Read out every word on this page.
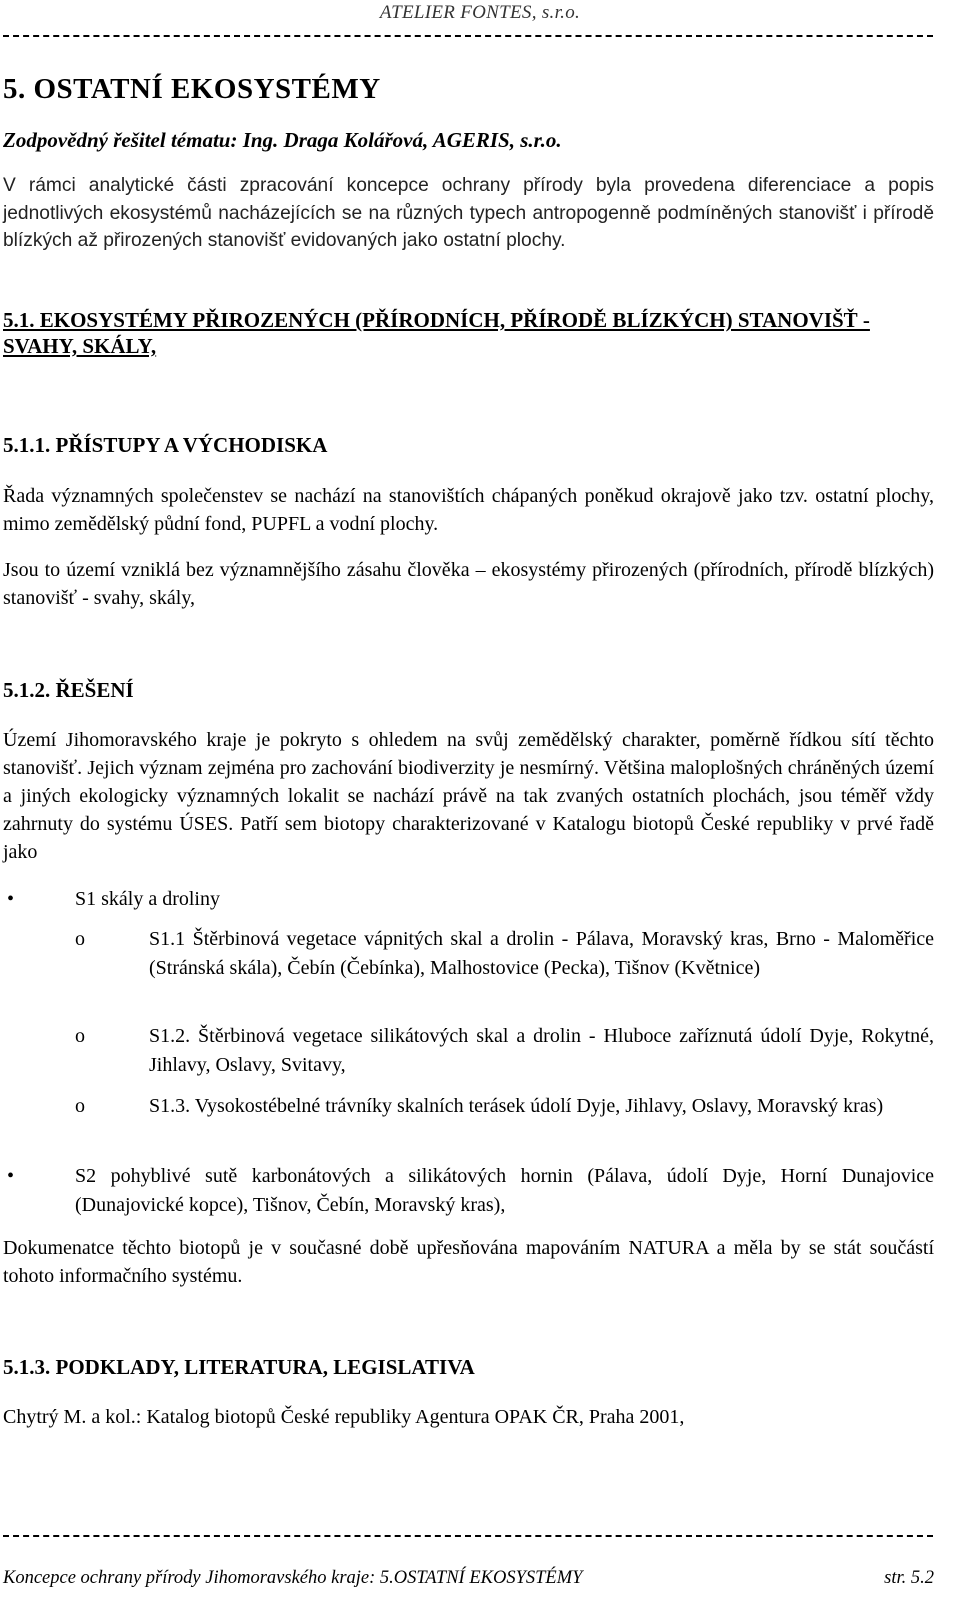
ATELIER FONTES, s.r.o.
5. OSTATNÍ EKOSYSTÉMY
Zodpovědný řešitel tématu: Ing. Draga Kolářová, AGERIS, s.r.o.
V rámci analytické části zpracování koncepce ochrany přírody byla provedena diferenciace a popis jednotlivých ekosystémů nacházejících se na různých typech antropogenně podmíněných stanovišť i přírodě blízkých až přirozených stanovišť evidovaných jako ostatní plochy.
5.1. EKOSYSTÉMY PŘIROZENÝCH (PŘÍRODNÍCH, PŘÍRODĚ BLÍZKÝCH) STANOVIŠŤ - SVAHY, SKÁLY,
5.1.1. PŘÍSTUPY A VÝCHODISKA
Řada významných společenstev se nachází na stanovištích chápaných poněkud okrajově jako tzv. ostatní plochy, mimo zemědělský půdní fond, PUPFL a vodní plochy.
Jsou to území vzniklá bez významnějšího zásahu člověka – ekosystémy přirozených (přírodních, přírodě blízkých) stanovišť - svahy, skály,
5.1.2. ŘEŠENÍ
Území Jihomoravského kraje je pokryto s ohledem na svůj zemědělský charakter, poměrně řídkou sítí těchto stanovišť. Jejich význam zejména pro zachování biodiverzity je nesmírný. Většina maloplošných chráněných území a jiných ekologicky významných lokalit se nachází právě na tak zvaných ostatních plochách, jsou téměř vždy zahrnuty do systému ÚSES. Patří sem biotopy charakterizované v Katalogu biotopů České republiky v prvé řadě jako
•	S1 skály a droliny
o	S1.1 Štěrbinová vegetace vápnitých skal a drolin - Pálava, Moravský kras, Brno - Maloměřice (Stránská skála), Čebín (Čebínka), Malhostovice (Pecka), Tišnov (Květnice)
o	S1.2. Štěrbinová vegetace silikátových skal a drolin - Hluboce zaříznutá údolí Dyje, Rokytné, Jihlavy, Oslavy, Svitavy,
o	S1.3. Vysokostébelné trávníky skalních terásek údolí Dyje, Jihlavy, Oslavy, Moravský kras)
•	S2 pohyblivé sutě karbonátových a silikátových hornin (Pálava, údolí Dyje, Horní Dunajovice (Dunajovické kopce), Tišnov, Čebín, Moravský kras),
Dokumenatce těchto biotopů je v současné době upřesňována mapováním NATURA a měla by se stát součástí tohoto informačního systému.
5.1.3. PODKLADY, LITERATURA, LEGISLATIVA
Chytrý M. a kol.: Katalog biotopů České republiky Agentura OPAK ČR, Praha 2001,
Koncepce ochrany přírody Jihomoravského kraje: 5.OSTATNÍ EKOSYSTÉMY	str. 5.2
